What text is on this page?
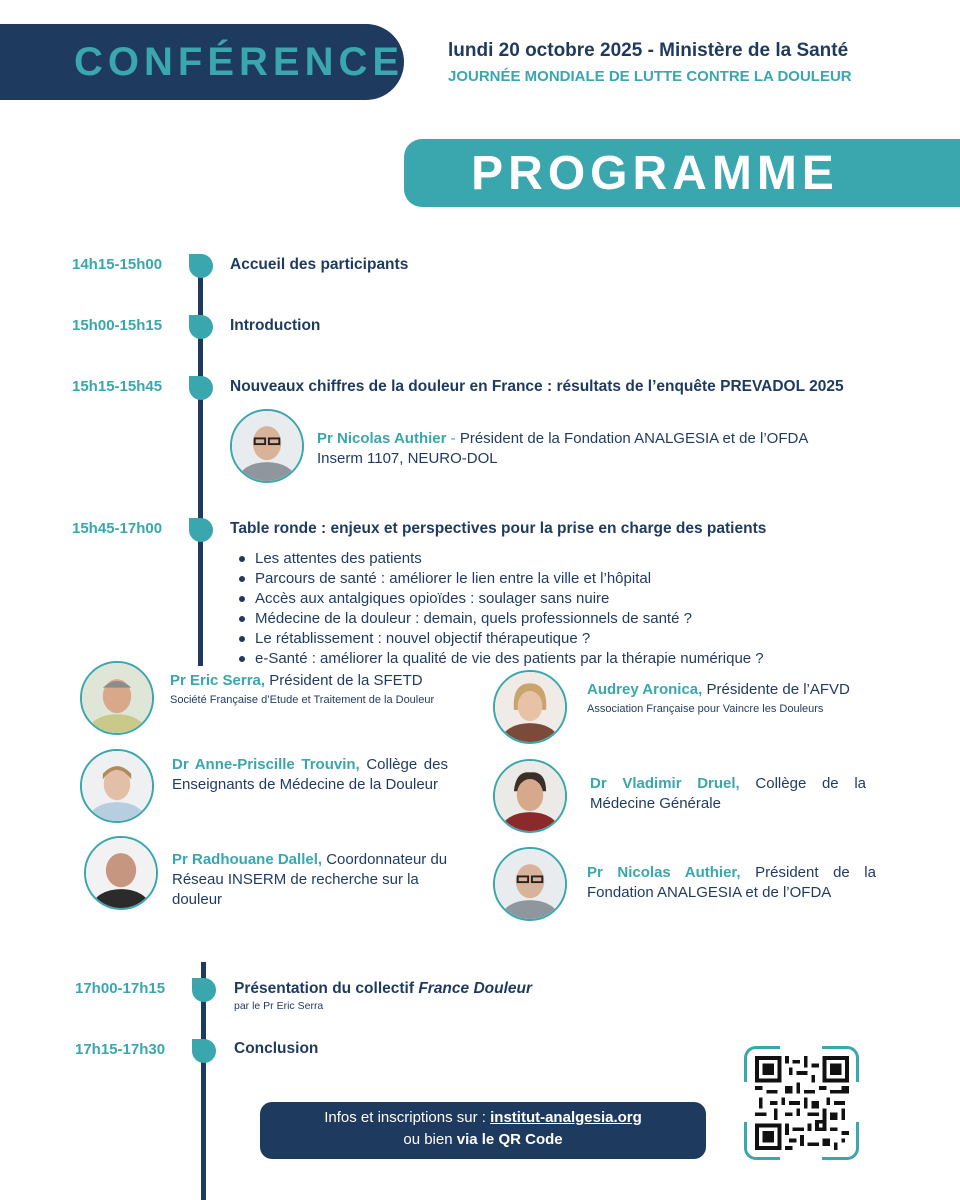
CONFÉRENCE lundi 20 octobre 2025 - Ministère de la Santé
JOURNÉE MONDIALE DE LUTTE CONTRE LA DOULEUR
PROGRAMME
14h15-15h00	Accueil des participants
15h00-15h15	Introduction
15h15-15h45	Nouveaux chiffres de la douleur en France : résultats de l’enquête PREVADOL 2025
Pr Nicolas Authier - Président de la Fondation ANALGESIA et de l’OFDA
Inserm 1107, NEURO-DOL
15h45-17h00	Table ronde : enjeux et perspectives pour la prise en charge des patients
Les attentes des patients
Parcours de santé : améliorer le lien entre la ville et l’hôpital
Accès aux antalgiques opioïdes : soulager sans nuire
Médecine de la douleur : demain, quels professionnels de santé ?
Le rétablissement : nouvel objectif thérapeutique ?
e-Santé : améliorer la qualité de vie des patients par la thérapie numérique ?
Pr Eric Serra, Président de la SFETD
Société Française d’Etude et Traitement de la Douleur
Dr Anne-Priscille Trouvin, Collège des Enseignants de Médecine de la Douleur
Pr Radhouane Dallel, Coordonnateur du Réseau INSERM de recherche sur la douleur
Audrey Aronica, Présidente de l’AFVD
Association Française pour Vaincre les Douleurs
Dr Vladimir Druel, Collège de la Médecine Générale
Pr Nicolas Authier, Président de la Fondation ANALGESIA et de l’OFDA
17h00-17h15	Présentation du collectif France Douleur
par le Pr Eric Serra
17h15-17h30	Conclusion
Infos et inscriptions sur : institut-analgesia.org
ou bien via le QR Code
